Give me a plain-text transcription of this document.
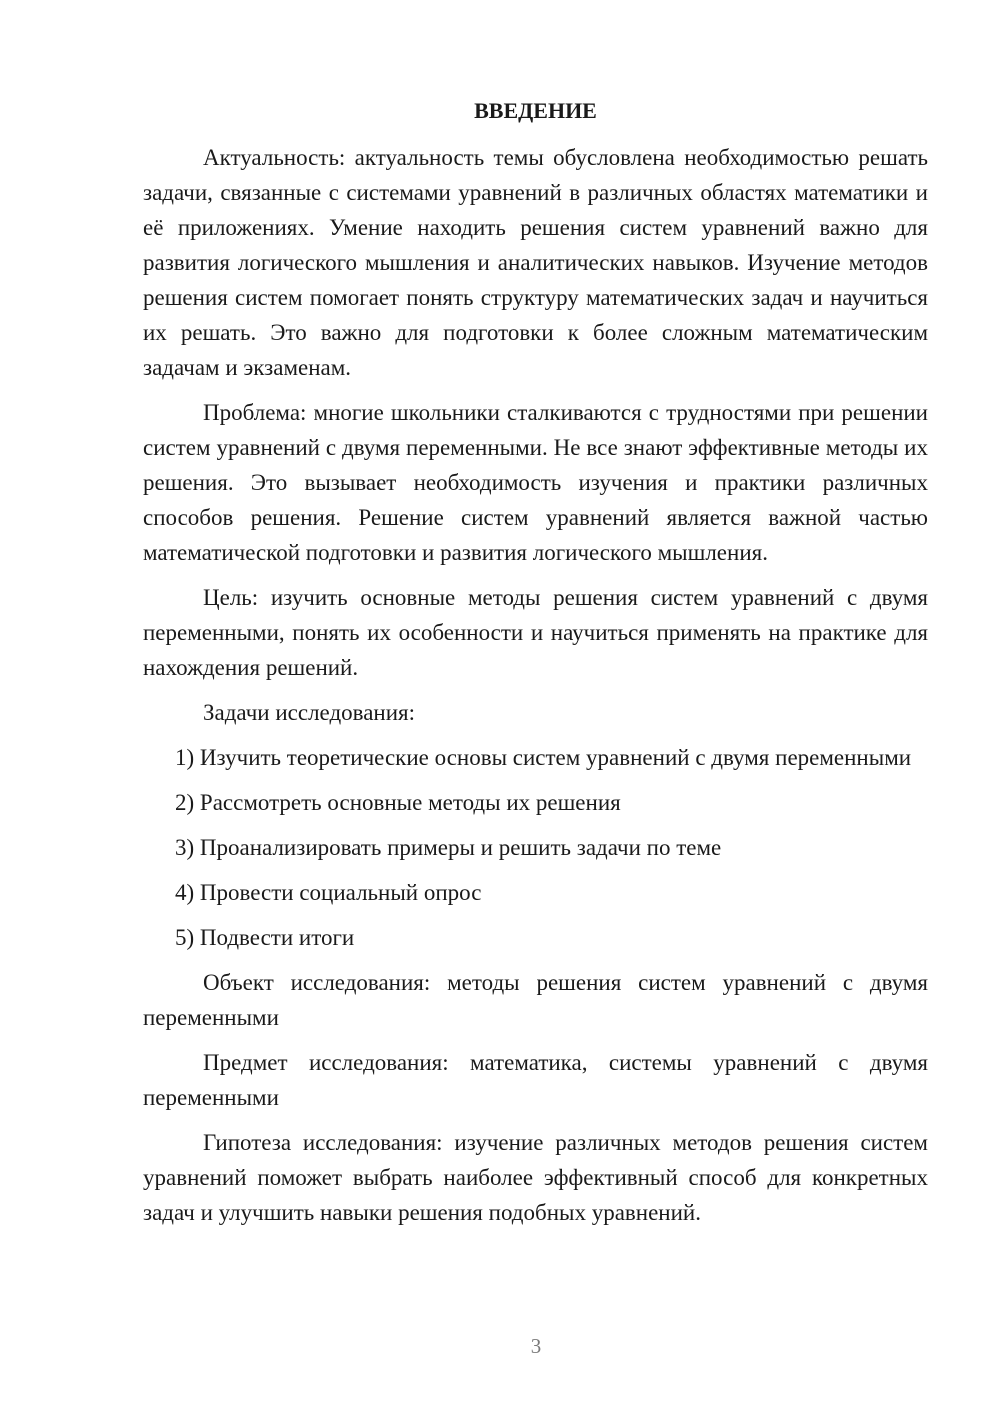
ВВЕДЕНИЕ

Актуальность: актуальность темы обусловлена необходимостью решать задачи, связанные с системами уравнений в различных областях математики и её приложениях. Умение находить решения систем уравнений важно для развития логического мышления и аналитических навыков. Изучение методов решения систем помогает понять структуру математических задач и научиться их решать. Это важно для подготовки к более сложным математическим задачам и экзаменам.

Проблема: многие школьники сталкиваются с трудностями при решении систем уравнений с двумя переменными. Не все знают эффективные методы их решения. Это вызывает необходимость изучения и практики различных способов решения. Решение систем уравнений является важной частью математической подготовки и развития логического мышления.

Цель: изучить основные методы решения систем уравнений с двумя переменными, понять их особенности и научиться применять на практике для нахождения решений.

Задачи исследования:

1) Изучить теоретические основы систем уравнений с двумя переменными

2) Рассмотреть основные методы их решения

3) Проанализировать примеры и решить задачи по теме

4) Провести социальный опрос

5) Подвести итоги

Объект исследования: методы решения систем уравнений с двумя переменными

Предмет исследования: математика, системы уравнений с двумя переменными

Гипотеза исследования: изучение различных методов решения систем уравнений поможет выбрать наиболее эффективный способ для конкретных задач и улучшить навыки решения подобных уравнений.

3
